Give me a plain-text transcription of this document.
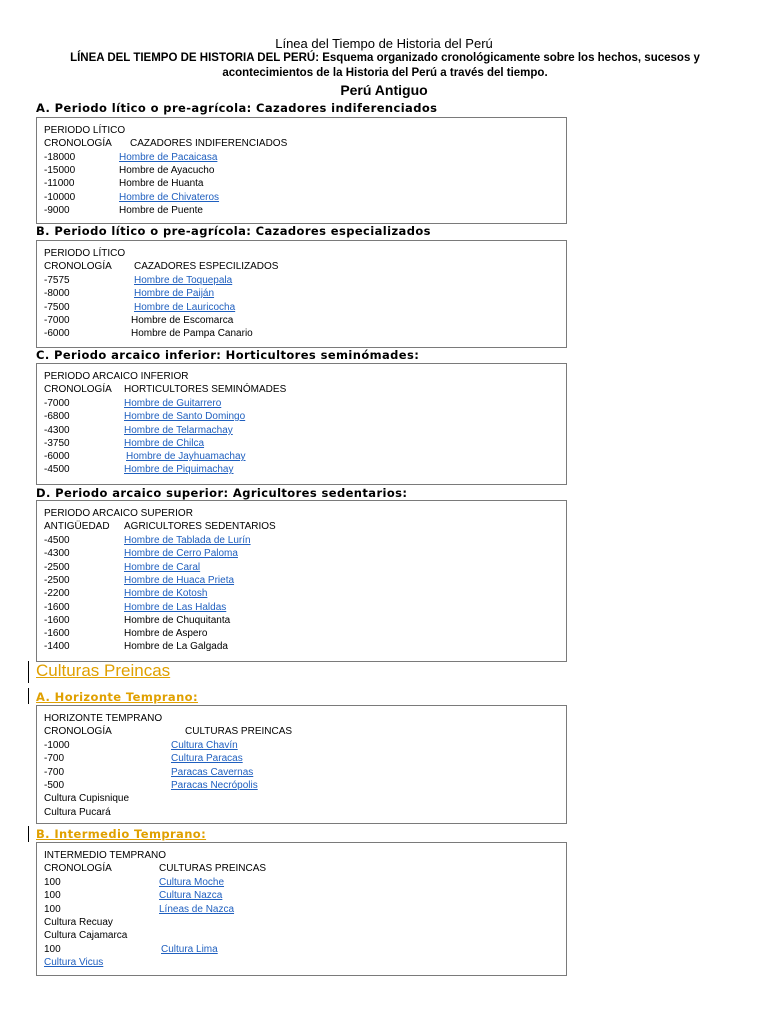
Línea del Tiempo de Historia del Perú
LÍNEA DEL TIEMPO DE HISTORIA DEL PERÚ: Esquema organizado cronológicamente sobre los hechos, sucesos y acontecimientos de la Historia del Perú a través del tiempo.
Perú Antiguo
A. Periodo lítico o pre-agrícola: Cazadores indiferenciados
PERIODO LÍTICO
CRONOLOGÍA CAZADORES INDIFERENCIADOS
-18000	Hombre de Pacaicasa
-15000	Hombre de Ayacucho
-11000	Hombre de Huanta
-10000	Hombre de Chivateros
-9000	Hombre de Puente
B. Periodo lítico o pre-agrícola: Cazadores especializados
PERIODO LÍTICO
CRONOLOGÍA CAZADORES ESPECILIZADOS
-7575	Hombre de Toquepala
-8000	Hombre de Paiján
-7500	Hombre de Lauricocha
-7000	Hombre de Escomarca
-6000	Hombre de Pampa Canario
C. Periodo arcaico inferior: Horticultores seminómades:
PERIODO ARCAICO INFERIOR
CRONOLOGÍA HORTICULTORES SEMINÓMADES
-7000	Hombre de Guitarrero
-6800	Hombre de Santo Domingo
-4300	Hombre de Telarmachay
-3750	Hombre de Chilca
-6000	Hombre de Jayhuamachay
-4500	Hombre de Piquimachay
D. Periodo arcaico superior: Agricultores sedentarios:
PERIODO ARCAICO SUPERIOR
ANTIGÜEDAD AGRICULTORES SEDENTARIOS
-4500	Hombre de Tablada de Lurín
-4300	Hombre de Cerro Paloma
-2500	Hombre de Caral
-2500	Hombre de Huaca Prieta
-2200	Hombre de Kotosh
-1600	Hombre de Las Haldas
-1600	Hombre de Chuquitanta
-1600	Hombre de Aspero
-1400	Hombre de La Galgada
Culturas Preincas
A. Horizonte Temprano:
HORIZONTE TEMPRANO
CRONOLOGÍA	CULTURAS PREINCAS
-1000	Cultura Chavín
-700	Cultura Paracas
-700	Paracas Cavernas
-500	Paracas Necrópolis
Cultura Cupisnique
Cultura Pucará
B. Intermedio Temprano:
INTERMEDIO TEMPRANO
CRONOLOGÍA	CULTURAS PREINCAS
100	Cultura Moche
100	Cultura Nazca
100	Líneas de Nazca
Cultura Recuay
Cultura Cajamarca
100	Cultura Lima
Cultura Vicus
